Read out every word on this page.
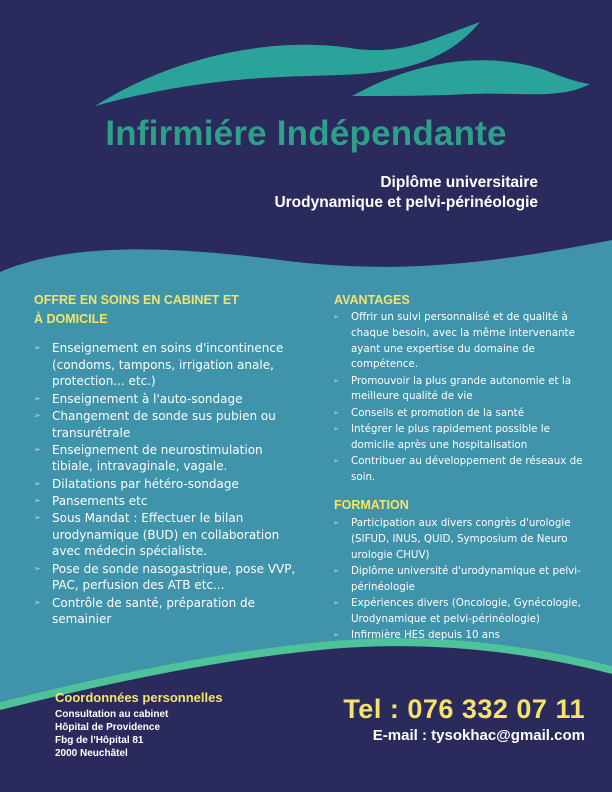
Infirmiére Indépendante
Diplôme universitaire
Urodynamique et pelvi-périnéologie
OFFRE EN SOINS EN CABINET ET
À DOMICILE
➢ Enseignement en soins d'incontinence (condoms, tampons, irrigation anale, protection... etc.)
➢ Enseignement à l'auto-sondage
➢ Changement de sonde sus pubien ou transurétrale
➢ Enseignement de neurostimulation tibiale, intravaginale, vagale.
➢ Dilatations par hétéro-sondage
➢ Pansements etc
➢ Sous Mandat : Effectuer le bilan urodynamique (BUD) en collaboration avec médecin spécialiste.
➢ Pose de sonde nasogastrique, pose VVP, PAC, perfusion des ATB etc...
➢ Contrôle de santé, préparation de semainier
AVANTAGES
➢ Offrir un suivi personnalisé et de qualité à chaque besoin, avec la même intervenante ayant une expertise du domaine de compétence.
➢ Promouvoir la plus grande autonomie et la meilleure qualité de vie
➢ Conseils et promotion de la santé
➢ Intégrer le plus rapidement possible le domicile après une hospitalisation
➢ Contribuer au développement de réseaux de soin.
FORMATION
➢ Participation aux divers congrès d'urologie (SIFUD, INUS, QUID, Symposium de Neuro urologie CHUV)
➢ Diplôme université d'urodynamique et pelvi-périnéologie
➢ Expériences divers (Oncologie, Gynécologie, Urodynamique et pelvi-périnéologie)
➢ Infirmière HES depuis 10 ans
Coordonnées personnelles
Consultation au cabinet
Hôpital de Providence
Fbg de l'Hôpital 81
2000 Neuchâtel
Tel : 076 332 07 11
E-mail : tysokhac@gmail.com
